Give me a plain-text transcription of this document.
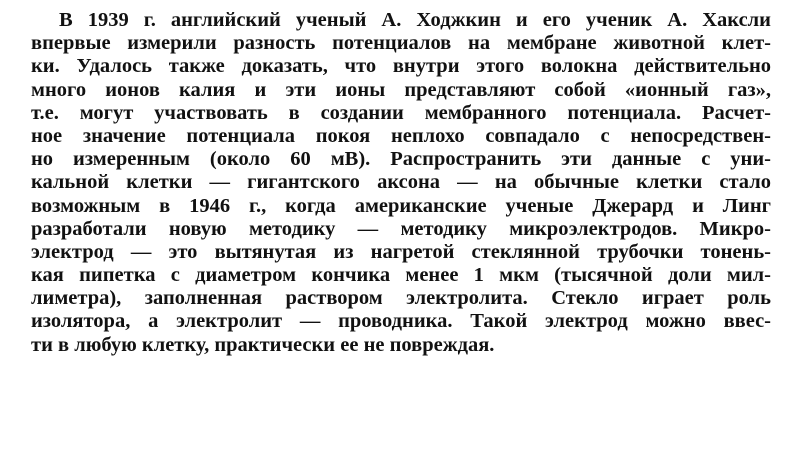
В 1939 г. английский ученый А. Ходжкин и его ученик А. Хаксли
впервые измерили разность потенциалов на мембране животной клет-
ки. Удалось также доказать, что внутри этого волокна действительно
много ионов калия и эти ионы представляют собой «ионный газ»,
т.е. могут участвовать в создании мембранного потенциала. Расчет-
ное значение потенциала покоя неплохо совпадало с непосредствен-
но измеренным (около 60 мВ). Распространить эти данные с уни-
кальной клетки — гигантского аксона — на обычные клетки стало
возможным в 1946 г., когда американские ученые Джерард и Линг
разработали новую методику — методику микроэлектродов. Микро-
электрод — это вытянутая из нагретой стеклянной трубочки тонень-
кая пипетка с диаметром кончика менее 1 мкм (тысячной доли мил-
лиметра), заполненная раствором электролита. Стекло играет роль
изолятора, а электролит — проводника. Такой электрод можно ввес-
ти в любую клетку, практически ее не повреждая.
